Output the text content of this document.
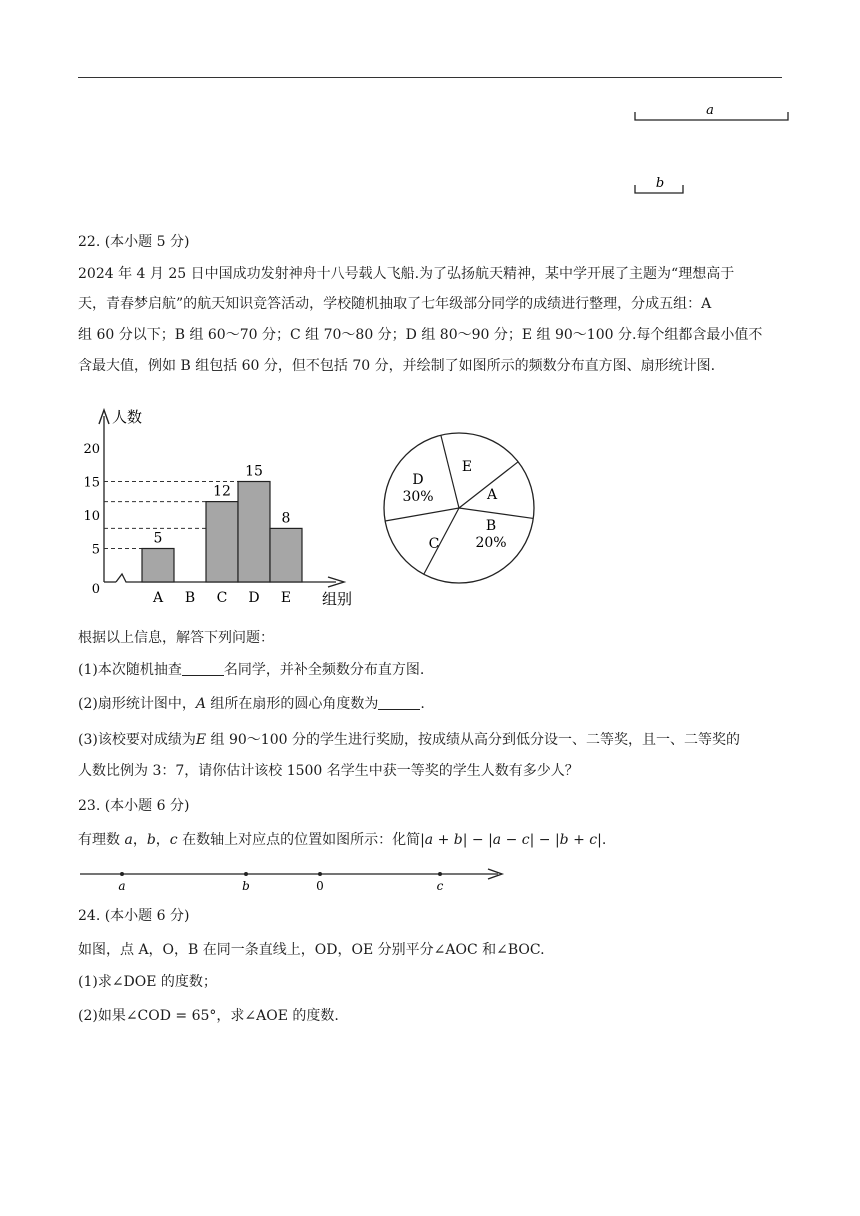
a
b
22. (本小题 5 分)
2024 年 4 月 25 日中国成功发射神舟十八号载人飞船.为了弘扬航天精神，某中学开展了主题为“理想高于
天，青春梦启航”的航天知识竞答活动，学校随机抽取了七年级部分同学的成绩进行整理，分成五组：A
组 60 分以下；B 组 60～70 分；C 组 70～80 分；D 组 80～90 分；E 组 90～100 分.每个组都含最小值不
含最大值，例如 B 组包括 60 分，但不包括 70 分，并绘制了如图所示的频数分布直方图、扇形统计图.
人数
组别
0
5
10
15
20
5
A B
12
C
15
D
8
E
A
B
20%
C
D
30%
E
根据以上信息，解答下列问题：
(1)本次随机抽查	名同学，并补全频数分布直方图.
(2)扇形统计图中，A 组所在扇形的圆心角度数为	.
(3)该校要对成绩为E 组 90～100 分的学生进行奖励，按成绩从高分到低分设一、二等奖，且一、二等奖的
人数比例为 3：7，请你估计该校 1500 名学生中获一等奖的学生人数有多少人？
23. (本小题 6 分)
有理数 a，b，c 在数轴上对应点的位置如图所示：化简|a + b| − |a − c| − |b + c|.
a	b	0	c
24. (本小题 6 分)
如图，点 A，O，B 在同一条直线上，OD，OE 分别平分∠AOC 和∠BOC.
(1)求∠DOE 的度数；
(2)如果∠COD = 65°，求∠AOE 的度数.
